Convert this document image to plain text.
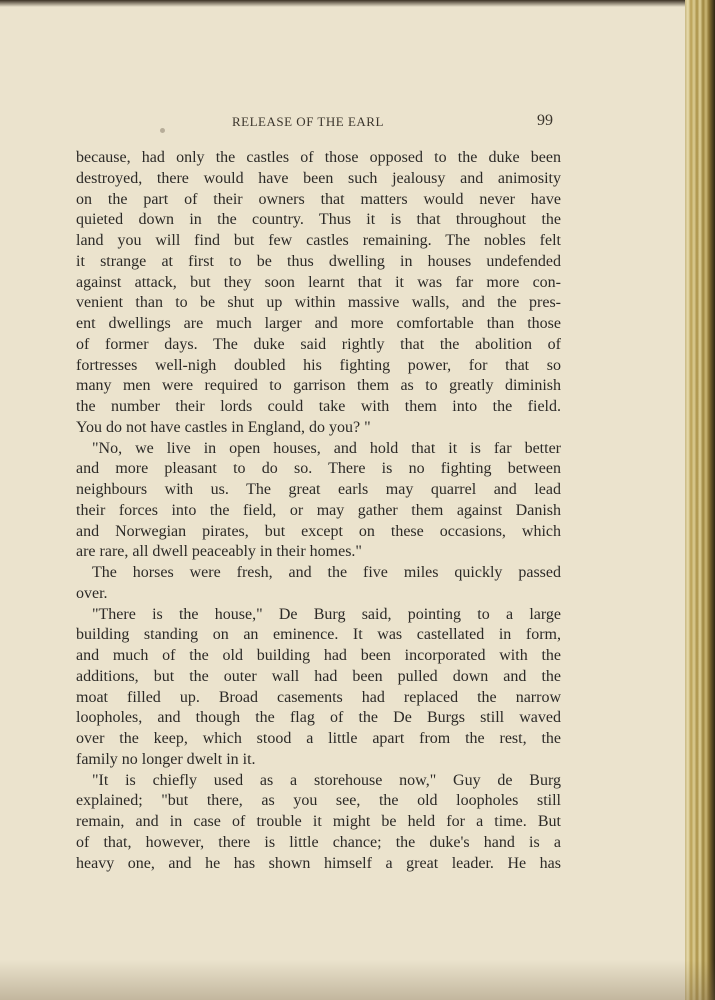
RELEASE OF THE EARL	99
because, had only the castles of those opposed to the duke been
destroyed, there would have been such jealousy and animosity
on the part of their owners that matters would never have
quieted down in the country. Thus it is that throughout the
land you will find but few castles remaining. The nobles felt
it strange at first to be thus dwelling in houses undefended
against attack, but they soon learnt that it was far more con-
venient than to be shut up within massive walls, and the pres-
ent dwellings are much larger and more comfortable than those
of former days. The duke said rightly that the abolition of
fortresses well-nigh doubled his fighting power, for that so
many men were required to garrison them as to greatly diminish
the number their lords could take with them into the field.
You do not have castles in England, do you? "
"No, we live in open houses, and hold that it is far better
and more pleasant to do so. There is no fighting between
neighbours with us. The great earls may quarrel and lead
their forces into the field, or may gather them against Danish
and Norwegian pirates, but except on these occasions, which
are rare, all dwell peaceably in their homes."
The horses were fresh, and the five miles quickly passed
over.
"There is the house," De Burg said, pointing to a large
building standing on an eminence. It was castellated in form,
and much of the old building had been incorporated with the
additions, but the outer wall had been pulled down and the
moat filled up. Broad casements had replaced the narrow
loopholes, and though the flag of the De Burgs still waved
over the keep, which stood a little apart from the rest, the
family no longer dwelt in it.
"It is chiefly used as a storehouse now," Guy de Burg
explained; "but there, as you see, the old loopholes still
remain, and in case of trouble it might be held for a time. But
of that, however, there is little chance; the duke's hand is a
heavy one, and he has shown himself a great leader. He has
